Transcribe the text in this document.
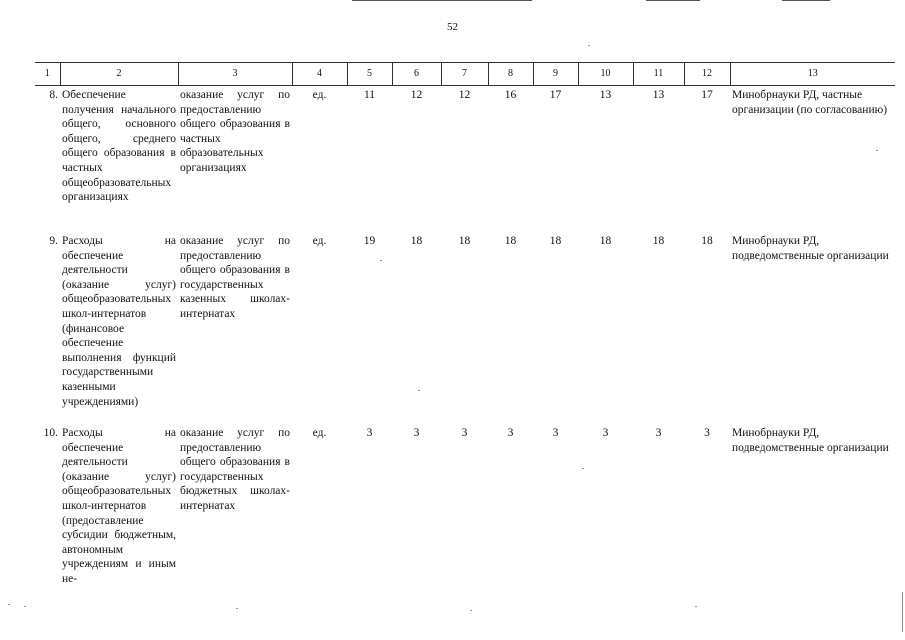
52
1	2	3	4	5	6	7	8	9	10	11	12	13
8.	Обеспечение получения начального общего, основного общего, среднего общего образования в частных общеобразовательных организациях	оказание услуг по предоставлению общего образования в частных образовательных организациях	ед.	11	12	12	16	17	13	13	17	Минобрнауки РД, частные организации (по согласованию)
9.	Расходы на обеспечение деятельности (оказание услуг) общеобразовательных школ-интернатов (финансовое обеспечение выполнения функций государственными казенными учреждениями)	оказание услуг по предоставлению общего образования в государственных казенных школах-интернатах	ед.	19	18	18	18	18	18	18	18	Минобрнауки РД, подведомственные организации
10.	Расходы на обеспечение деятельности (оказание услуг) общеобразовательных школ-интернатов (предоставление субсидии бюджетным, автономным учреждениям и иным не-	оказание услуг по предоставлению общего образования в государственных бюджетных школах-интернатах	ед.	3	3	3	3	3	3	3	3	Минобрнауки РД, подведомственные организации
